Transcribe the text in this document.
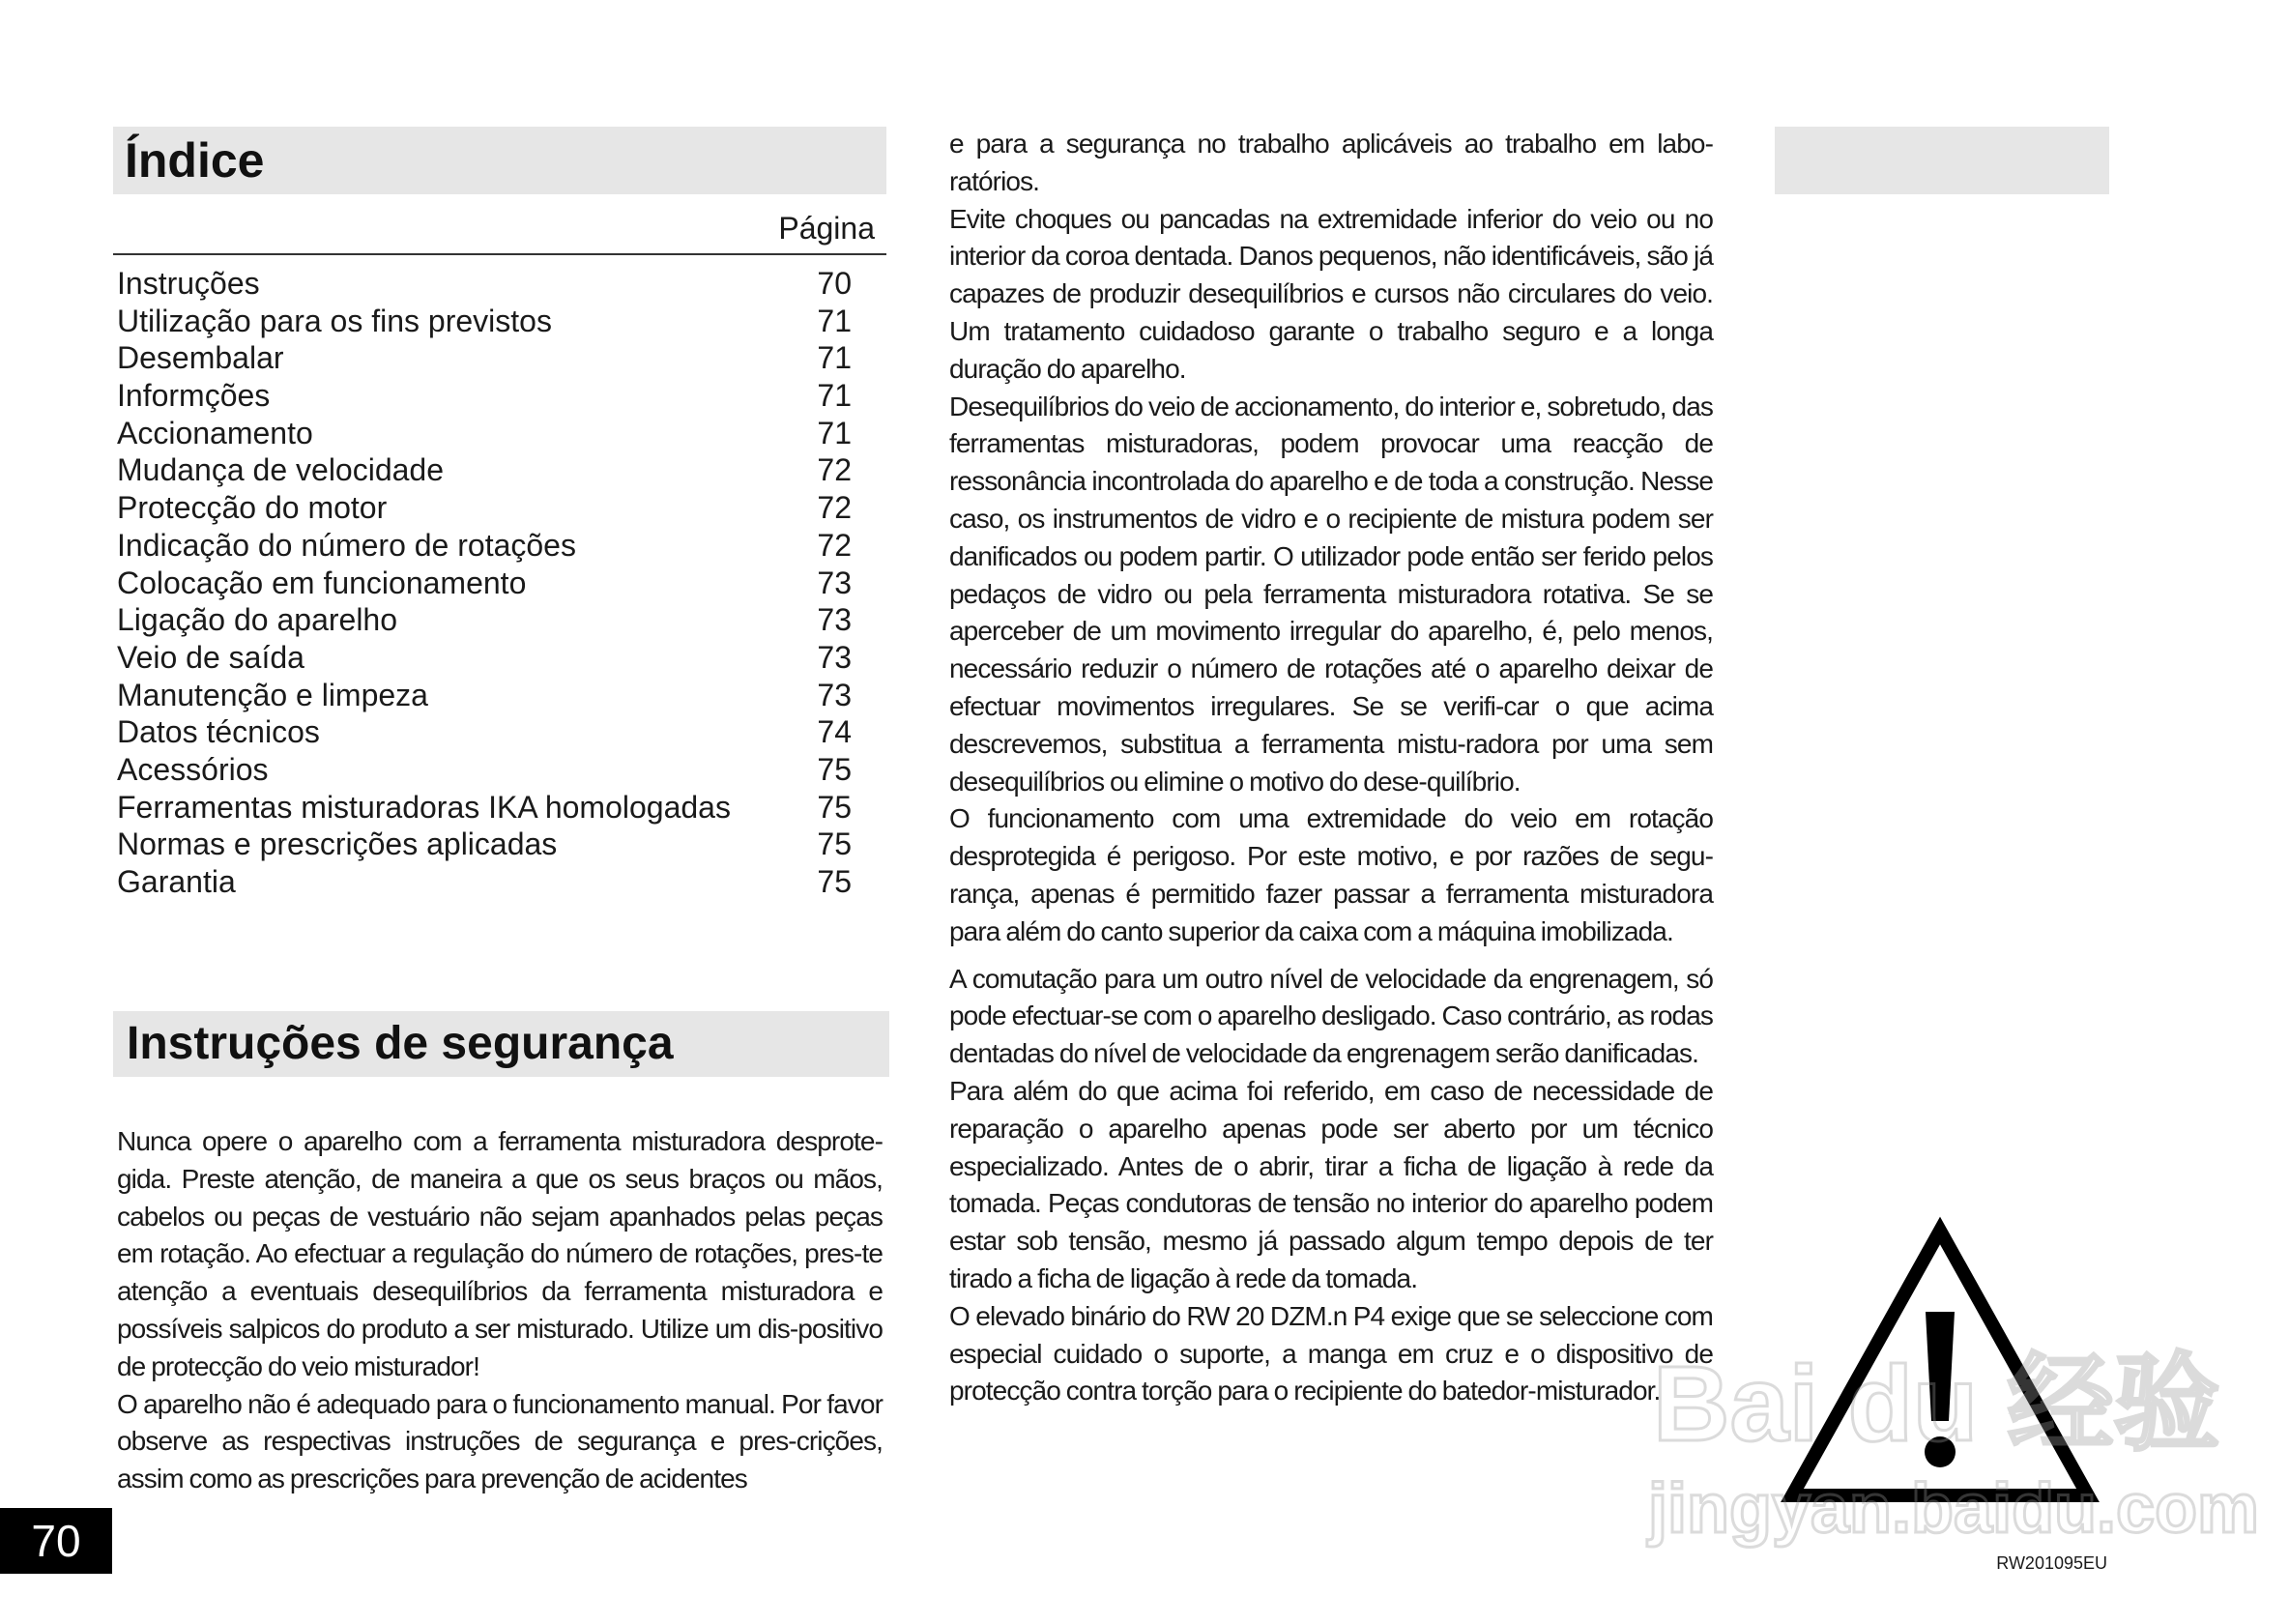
Índice
Página
Instruções	70
Utilização para os fins previstos	71
Desembalar	71
Informções	71
Accionamento	71
Mudança de velocidade	72
Protecção do motor	72
Indicação do número de rotações	72
Colocação em funcionamento	73
Ligação do aparelho	73
Veio de saída	73
Manutenção e limpeza	73
Datos técnicos	74
Acessórios	75
Ferramentas misturadoras IKA homologadas	75
Normas e prescrições aplicadas	75
Garantia	75
Instruções de segurança

Nunca opere o aparelho com a ferramenta misturadora desprote-gida. Preste atenção, de maneira a que os seus braços ou mãos, cabelos ou peças de vestuário não sejam apanhados pelas peças em rotação. Ao efectuar a regulação do número de rotações, pres-te atenção a eventuais desequilíbrios da ferramenta misturadora e possíveis salpicos do produto a ser misturado. Utilize um dis-positivo de protecção do veio misturador!

O aparelho não é adequado para o funcionamento manual. Por favor observe as respectivas instruções de segurança e pres-crições, assim como as prescrições para prevenção de acidentes

e para a segurança no trabalho aplicáveis ao trabalho em labo-ratórios.

Evite choques ou pancadas na extremidade inferior do veio ou no interior da coroa dentada. Danos pequenos, não identificáveis, são já capazes de produzir desequilíbrios e cursos não circulares do veio. Um tratamento cuidadoso garante o trabalho seguro e a longa duração do aparelho.

Desequilíbrios do veio de accionamento, do interior e, sobretudo, das ferramentas misturadoras, podem provocar uma reacção de ressonância incontrolada do aparelho e de toda a construção. Nesse caso, os instrumentos de vidro e o recipiente de mistura podem ser danificados ou podem partir. O utilizador pode então ser ferido pelos pedaços de vidro ou pela ferramenta misturadora rotativa. Se se aperceber de um movimento irregular do aparelho, é, pelo menos, necessário reduzir o número de rotações até o aparelho deixar de efectuar movimentos irregulares. Se se verifi-car o que acima descrevemos, substitua a ferramenta mistu-radora por uma sem desequilíbrios ou elimine o motivo do dese-quilíbrio.

O funcionamento com uma extremidade do veio em rotação desprotegida é perigoso. Por este motivo, e por razões de segu-rança, apenas é permitido fazer passar a ferramenta misturadora para além do canto superior da caixa com a máquina imobilizada.

A comutação para um outro nível de velocidade da engrenagem, só pode efectuar-se com o aparelho desligado. Caso contrário, as rodas dentadas do nível de velocidade da engrenagem serão danificadas.

Para além do que acima foi referido, em caso de necessidade de reparação o aparelho apenas pode ser aberto por um técnico especializado. Antes de o abrir, tirar a ficha de ligação à rede da tomada. Peças condutoras de tensão no interior do aparelho podem estar sob tensão, mesmo já passado algum tempo depois de ter tirado a ficha de ligação à rede da tomada.

O elevado binário do RW 20 DZM.n P4 exige que se seleccione com especial cuidado o suporte, a manga em cruz e o dispositivo de protecção contra torção para o recipiente do batedor-misturador.

Bai du 经验
jingyan.baidu.com
RW201095EU
70
